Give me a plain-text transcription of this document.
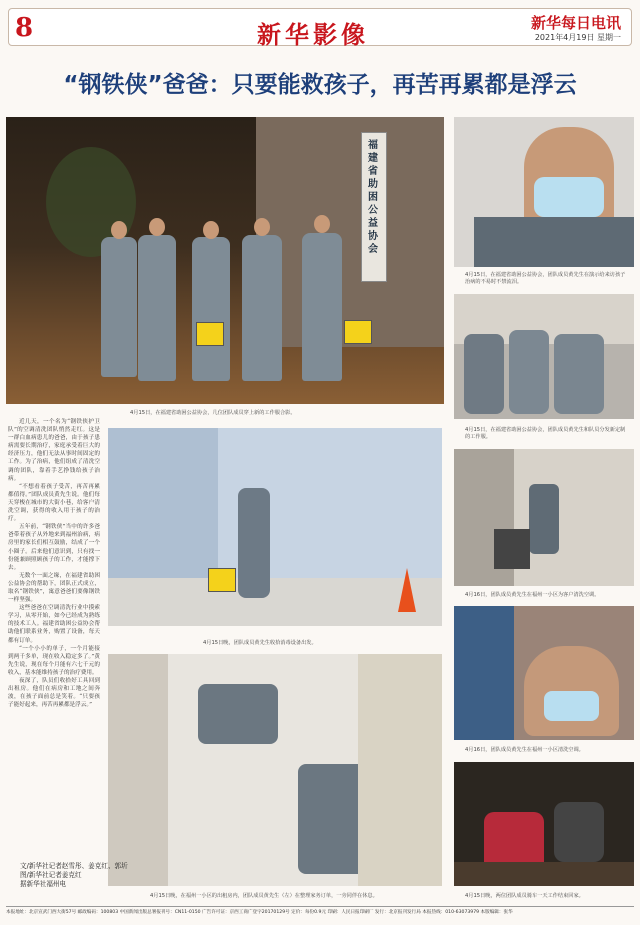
8	新华影像	新华每日电讯
2021年4月19日 星期一
“钢铁侠”爸爸：只要能救孩子，再苦再累都是浮云
福建省助困公益协会
4月15日，在福建省助困公益协会，几位团队成员穿上新的工作服合影。
4月15日，在福建省助困公益协会，团队成员黄先生在演示给来访孩子治病的不易时不禁流泪。
4月15日，在福建省助困公益协会，团队成员黄先生和队员分发新定制的工作服。
4月15日晚，团队成员黄先生收拾消毒设备出发。
4月16日，团队成员黄先生在福州一小区为客户清洗空调。
4月16日，团队成员黄先生在福州一小区清洗空调。
4月15日晚，在福州一小区的出租房内，团队成员黄先生（左）在整理家务订单，一旁同伴在休息。	4月15日晚，两位团队成员骑车一天工作结束回家。

近几天，一个名为“钢铁侠护卫队”的空调清洗团队悄然走红。这是一群白血病患儿的爸爸，由于孩子患病需要长期治疗，家庭承受着巨大的经济压力，他们无法从事时间固定的工作。为了治病，他们组成了清洗空调的团队，靠着手艺挣钱给孩子治病。

“不想看着孩子受苦，再苦再累都值得。”团队成员黄先生说。他们每天穿梭在城市的大街小巷，给客户清洗空调，获得的收入用于孩子的治疗。

五年前，“钢铁侠”当中的许多爸爸带着孩子从外地来到福州治病，病房里的家长们相互鼓励，结成了一个小圈子。后来他们意识到，只有找一份能兼顾照顾孩子的工作，才能撑下去。

无数个一面之缘，在福建省助困公益协会的帮助下，团队正式成立，取名“钢铁侠”，寓意爸爸们要像钢铁一样坚强。

这些爸爸在空调清洗行业中摸索学习，从零开始，如今已经成为熟练的技术工人。福建省助困公益协会帮助他们联系业务，购置了设备，每天都有订单。

“一个小小的单子，一个月能接到两千多单，现在收入稳定多了。”黄先生说，现在每个月能有六七千元的收入，基本能维持孩子的治疗费用。

夜深了，队员们收拾好工具回到出租房。他们在病房和工地之间奔波，在孩子面前总是笑着。“只要孩子能好起来，再苦再累都是浮云。”

文/新华社记者赵雪彤、姜克红、郭圻
图/新华社记者姜克红
据新华社福州电
本报地址：北京宣武门西大街57号 邮政编码：100803 中国新闻出版总署报刊号：CN11-0150 广告许可证：京西工商广登字20170129号 定价：每份0.9元 印刷：人民日报印刷厂 发行：北京报刊发行局 本报热线：010-63073979 本版编辑：张华
